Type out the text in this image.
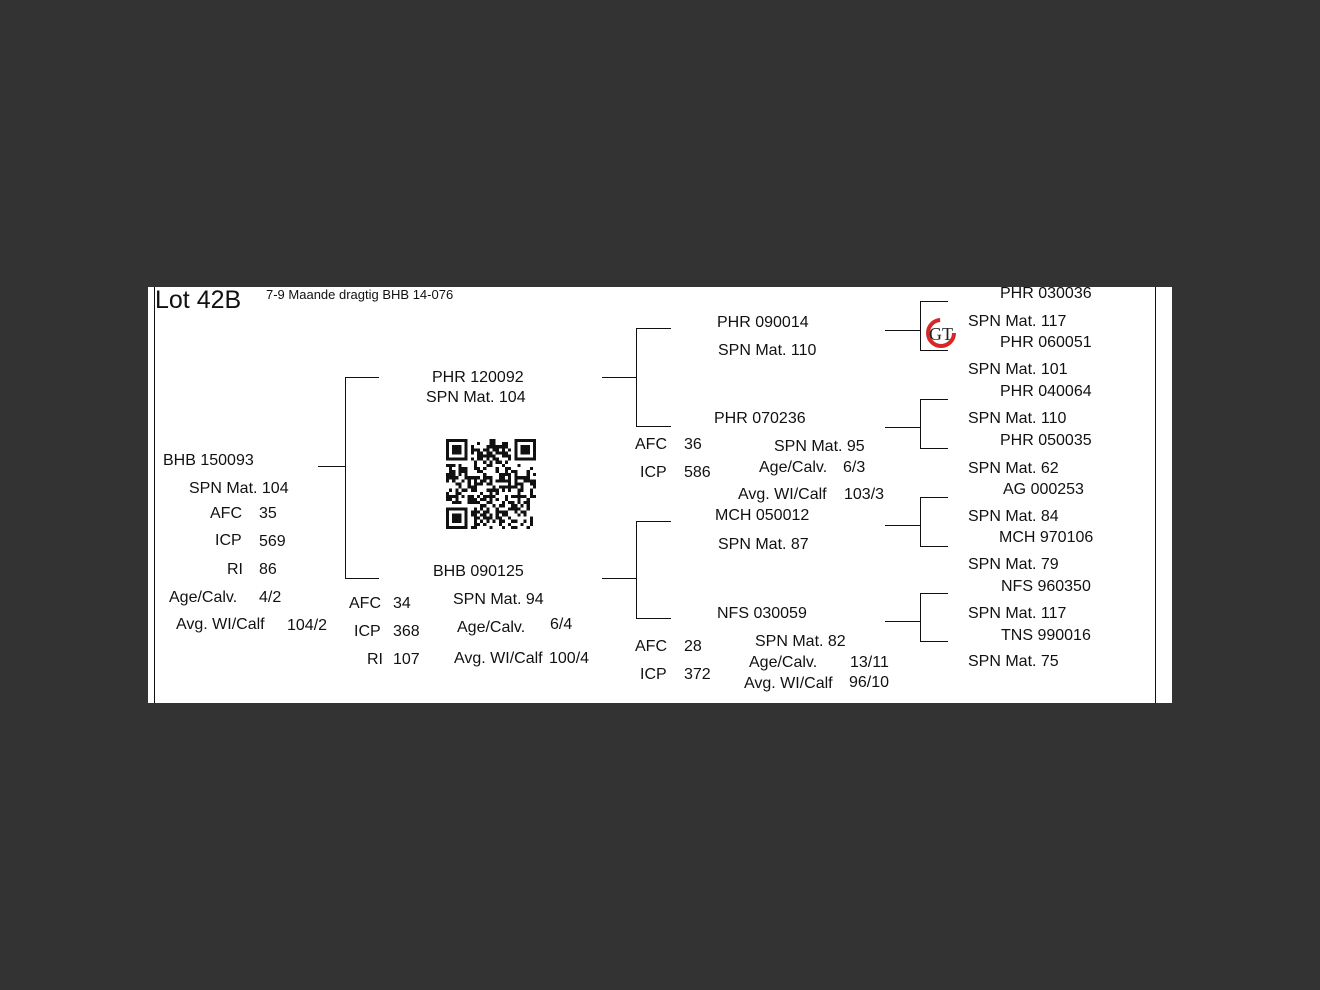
Lot 42B 7-9 Maande dragtig BHB 14-076
BHB 150093
SPN Mat. 104
AFC 35
ICP 569
RI 86
Age/Calv. 4/2
Avg. WI/Calf 104/2
PHR 120092
SPN Mat. 104
BHB 090125
SPN Mat. 94
AFC 34
ICP 368
RI 107
Age/Calv. 6/4
Avg. WI/Calf 100/4
PHR 090014
SPN Mat. 110
PHR 070236
AFC 36
ICP 586
SPN Mat. 95
Age/Calv. 6/3
Avg. WI/Calf 103/3
MCH 050012
SPN Mat. 87
NFS 030059
AFC 28
ICP 372
SPN Mat. 82
Age/Calv. 13/11
Avg. WI/Calf 96/10
GT
PHR 030036
SPN Mat. 117
PHR 060051
SPN Mat. 101
PHR 040064
SPN Mat. 110
PHR 050035
SPN Mat. 62
AG 000253
SPN Mat. 84
MCH 970106
SPN Mat. 79
NFS 960350
SPN Mat. 117
TNS 990016
SPN Mat. 75
